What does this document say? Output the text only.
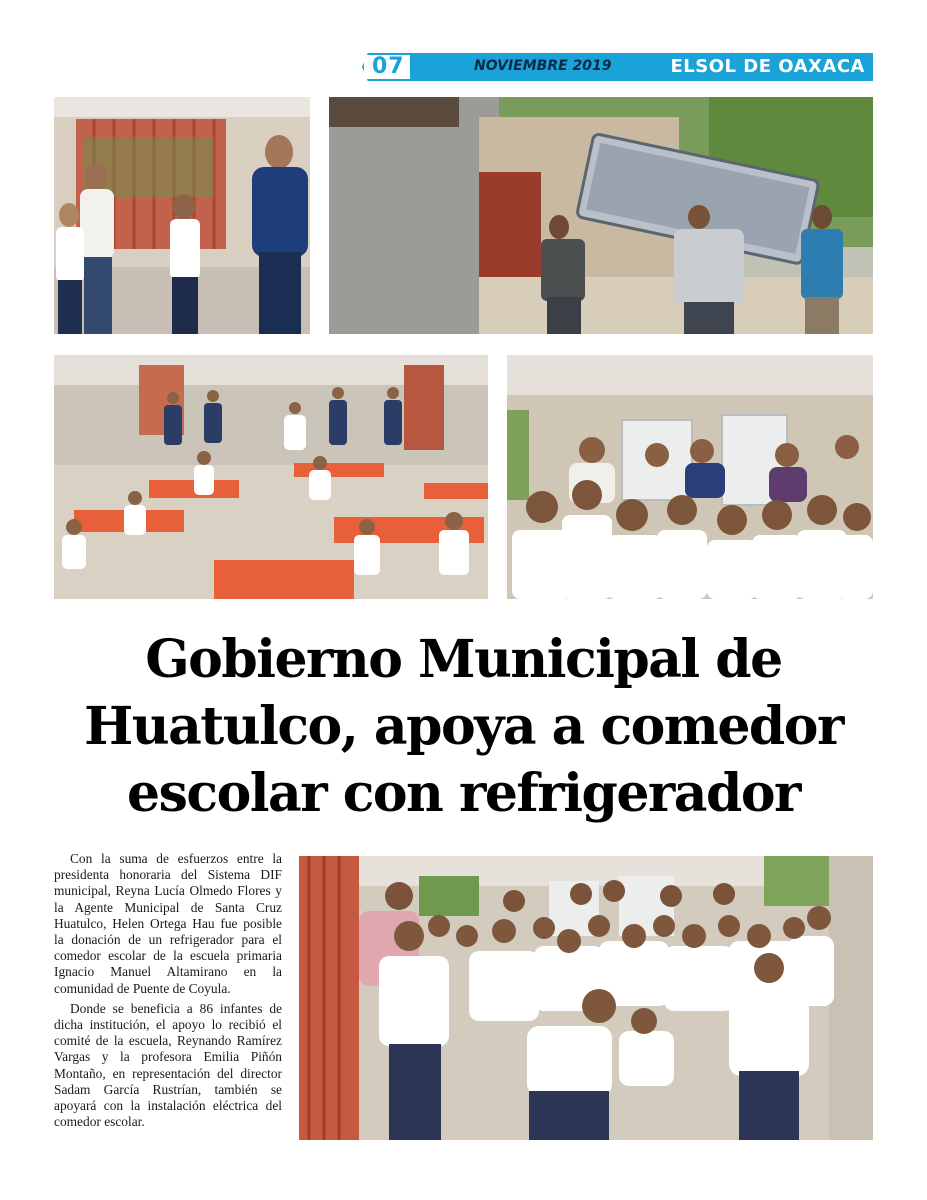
07	NOVIEMBRE 2019	ELSOL DE OAXACA
Gobierno Municipal de
Huatulco, apoya a comedor
escolar con refrigerador

Con la suma de esfuerzos entre la presidenta honoraria del Sistema DIF municipal, Reyna Lucía Olmedo Flores y la Agente Municipal de Santa Cruz Huatulco, Helen Ortega Hau fue posible la donación de un refrigerador para el comedor escolar de la escuela primaria Ignacio Manuel Altamirano en la comunidad de Puente de Coyula.

Donde se beneficia a 86 infantes de dicha institución, el apoyo lo recibió el comité de la escuela, Reynando Ramírez Vargas y la profesora Emilia Piñón Montaño, en representación del director Sadam García Rustrían, también se apoyará con la instalación eléctrica del comedor escolar.
